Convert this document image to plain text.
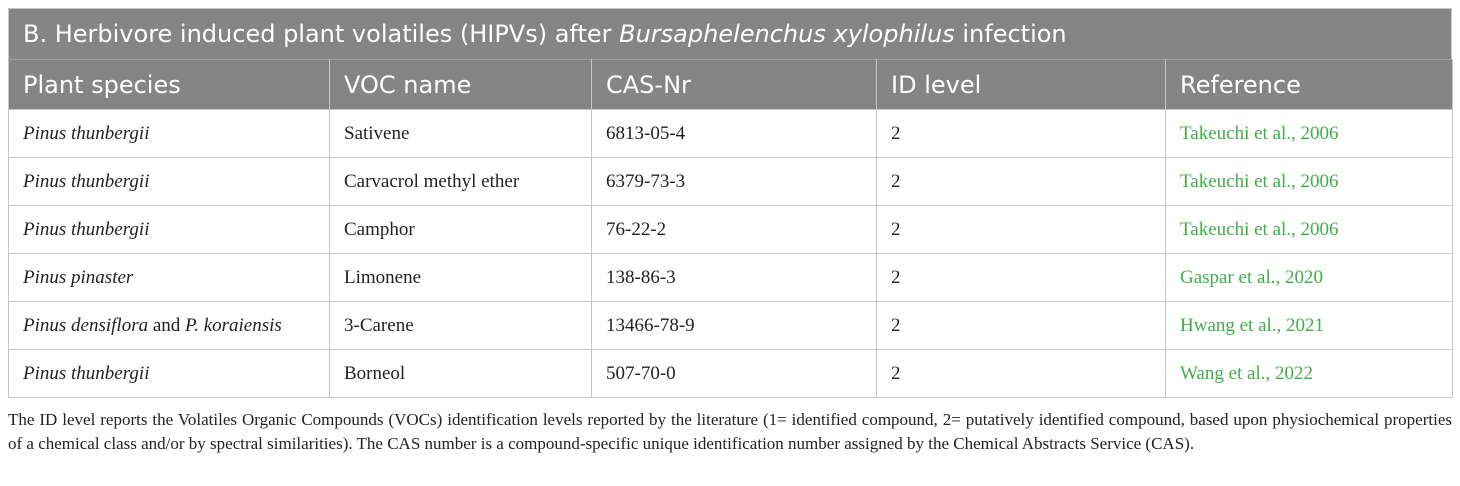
B. Herbivore induced plant volatiles (HIPVs) after Bursaphelenchus xylophilus infection
Plant species	VOC name	CAS-Nr	ID level	Reference
Pinus thunbergii	Sativene	6813-05-4	2	Takeuchi et al., 2006
Pinus thunbergii	Carvacrol methyl ether	6379-73-3	2	Takeuchi et al., 2006
Pinus thunbergii	Camphor	76-22-2	2	Takeuchi et al., 2006
Pinus pinaster	Limonene	138-86-3	2	Gaspar et al., 2020
Pinus densiflora and P. koraiensis	3-Carene	13466-78-9	2	Hwang et al., 2021
Pinus thunbergii	Borneol	507-70-0	2	Wang et al., 2022
The ID level reports the Volatiles Organic Compounds (VOCs) identification levels reported by the literature (1= identified compound, 2= putatively identified compound, based upon physiochemical properties of a chemical class and/or by spectral similarities). The CAS number is a compound-specific unique identification number assigned by the Chemical Abstracts Service (CAS).
